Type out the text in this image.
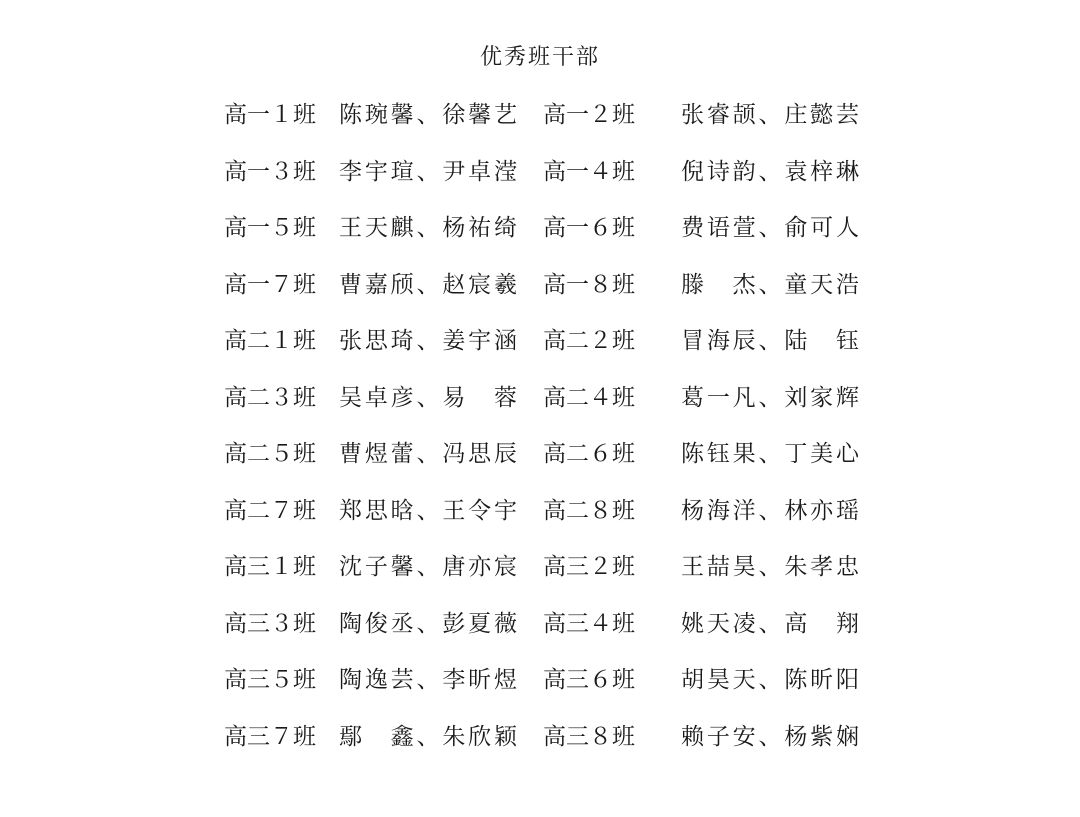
优秀班干部
高一１班	陈琬馨、徐馨艺 高一２班	张睿颉、庄懿芸
高一３班	李宇瑄、尹卓滢 高一４班	倪诗韵、袁梓琳
高一５班	王天麒、杨祐绮 高一６班	费语萱、俞可人
高一７班	曹嘉颀、赵宸羲 高一８班	滕　杰、童天浩
高二１班	张思琦、姜宇涵 高二２班	冒海辰、陆　钰
高二３班	吴卓彦、易　蓉 高二４班	葛一凡、刘家辉
高二５班	曹煜蕾、冯思辰 高二６班	陈钰果、丁美心
高二７班	郑思晗、王令宇 高二８班	杨海洋、林亦瑶
高三１班	沈子馨、唐亦宸 高三２班	王喆昊、朱孝忠
高三３班	陶俊丞、彭夏薇 高三４班	姚天凌、高　翔
高三５班	陶逸芸、李昕煜 高三６班	胡昊天、陈昕阳
高三７班	鄢　鑫、朱欣颖 高三８班	赖子安、杨紫娴
